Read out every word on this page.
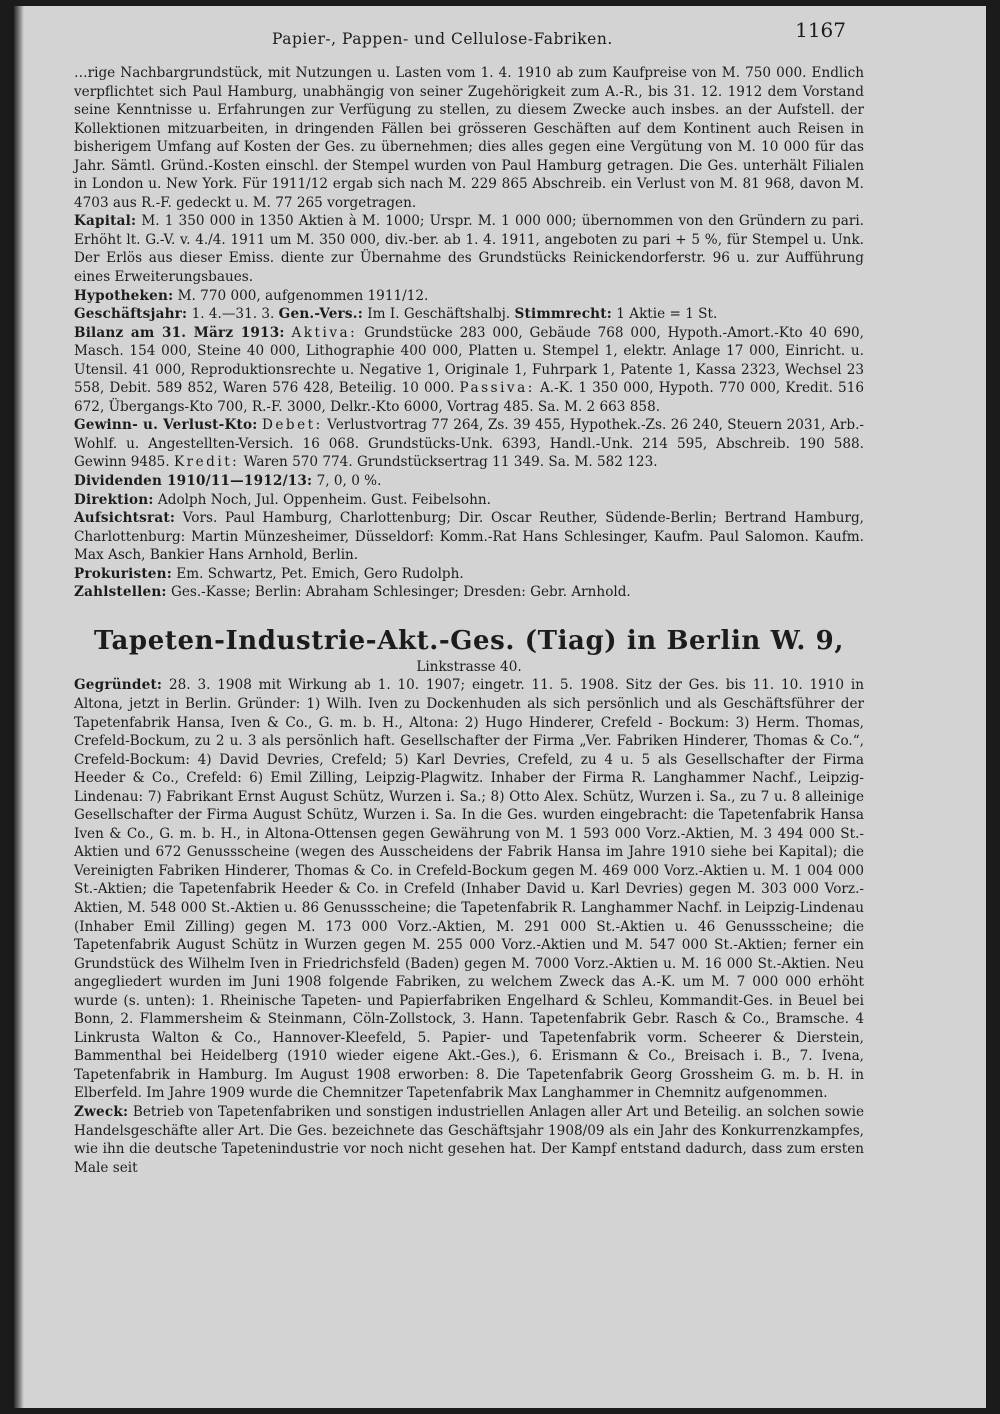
Papier-, Pappen- und Cellulose-Fabriken.	1167

…rige Nachbargrundstück, mit Nutzungen u. Lasten vom 1. 4. 1910 ab zum Kaufpreise von M. 750 000. Endlich verpflichtet sich Paul Hamburg, unabhängig von seiner Zugehörigkeit zum A.-R., bis 31. 12. 1912 dem Vorstand seine Kenntnisse u. Erfahrungen zur Verfügung zu stellen, zu diesem Zwecke auch insbes. an der Aufstell. der Kollektionen mitzuarbeiten, in dringenden Fällen bei grösseren Geschäften auf dem Kontinent auch Reisen in bisherigem Umfang auf Kosten der Ges. zu übernehmen; dies alles gegen eine Vergütung von M. 10 000 für das Jahr. Sämtl. Gründ.-Kosten einschl. der Stempel wurden von Paul Hamburg getragen. Die Ges. unterhält Filialen in London u. New York. Für 1911/12 ergab sich nach M. 229 865 Abschreib. ein Verlust von M. 81 968, davon M. 4703 aus R.-F. gedeckt u. M. 77 265 vorgetragen.

Kapital: M. 1 350 000 in 1350 Aktien à M. 1000; Urspr. M. 1 000 000; übernommen von den Gründern zu pari. Erhöht lt. G.-V. v. 4./4. 1911 um M. 350 000, div.-ber. ab 1. 4. 1911, angeboten zu pari + 5 %, für Stempel u. Unk. Der Erlös aus dieser Emiss. diente zur Übernahme des Grundstücks Reinickendorferstr. 96 u. zur Aufführung eines Erweiterungsbaues.

Hypotheken: M. 770 000, aufgenommen 1911/12.

Geschäftsjahr: 1. 4.—31. 3. Gen.-Vers.: Im I. Geschäftshalbj. Stimmrecht: 1 Aktie = 1 St.

Bilanz am 31. März 1913: Aktiva: Grundstücke 283 000, Gebäude 768 000, Hypoth.-Amort.-Kto 40 690, Masch. 154 000, Steine 40 000, Lithographie 400 000, Platten u. Stempel 1, elektr. Anlage 17 000, Einricht. u. Utensil. 41 000, Reproduktionsrechte u. Negative 1, Originale 1, Fuhrpark 1, Patente 1, Kassa 2323, Wechsel 23 558, Debit. 589 852, Waren 576 428, Beteilig. 10 000. Passiva: A.-K. 1 350 000, Hypoth. 770 000, Kredit. 516 672, Übergangs-Kto 700, R.-F. 3000, Delkr.-Kto 6000, Vortrag 485. Sa. M. 2 663 858.

Gewinn- u. Verlust-Kto: Debet: Verlustvortrag 77 264, Zs. 39 455, Hypothek.-Zs. 26 240, Steuern 2031, Arb.-Wohlf. u. Angestellten-Versich. 16 068. Grundstücks-Unk. 6393, Handl.-Unk. 214 595, Abschreib. 190 588. Gewinn 9485. Kredit: Waren 570 774. Grundstücksertrag 11 349. Sa. M. 582 123.

Dividenden 1910/11—1912/13: 7, 0, 0 %.

Direktion: Adolph Noch, Jul. Oppenheim. Gust. Feibelsohn.

Aufsichtsrat: Vors. Paul Hamburg, Charlottenburg; Dir. Oscar Reuther, Südende-Berlin; Bertrand Hamburg, Charlottenburg: Martin Münzesheimer, Düsseldorf: Komm.-Rat Hans Schlesinger, Kaufm. Paul Salomon. Kaufm. Max Asch, Bankier Hans Arnhold, Berlin.

Prokuristen: Em. Schwartz, Pet. Emich, Gero Rudolph.

Zahlstellen: Ges.-Kasse; Berlin: Abraham Schlesinger; Dresden: Gebr. Arnhold.

Tapeten-Industrie-Akt.-Ges. (Tiag) in Berlin W. 9,

Linkstrasse 40.

Gegründet: 28. 3. 1908 mit Wirkung ab 1. 10. 1907; eingetr. 11. 5. 1908. Sitz der Ges. bis 11. 10. 1910 in Altona, jetzt in Berlin. Gründer: 1) Wilh. Iven zu Dockenhuden als sich persönlich und als Geschäftsführer der Tapetenfabrik Hansa, Iven & Co., G. m. b. H., Altona: 2) Hugo Hinderer, Crefeld - Bockum: 3) Herm. Thomas, Crefeld-Bockum, zu 2 u. 3 als persönlich haft. Gesellschafter der Firma „Ver. Fabriken Hinderer, Thomas & Co.“, Crefeld-Bockum: 4) David Devries, Crefeld; 5) Karl Devries, Crefeld, zu 4 u. 5 als Gesellschafter der Firma Heeder & Co., Crefeld: 6) Emil Zilling, Leipzig-Plagwitz. Inhaber der Firma R. Langhammer Nachf., Leipzig-Lindenau: 7) Fabrikant Ernst August Schütz, Wurzen i. Sa.; 8) Otto Alex. Schütz, Wurzen i. Sa., zu 7 u. 8 alleinige Gesellschafter der Firma August Schütz, Wurzen i. Sa. In die Ges. wurden eingebracht: die Tapetenfabrik Hansa Iven & Co., G. m. b. H., in Altona-Ottensen gegen Gewährung von M. 1 593 000 Vorz.-Aktien, M. 3 494 000 St.-Aktien und 672 Genussscheine (wegen des Ausscheidens der Fabrik Hansa im Jahre 1910 siehe bei Kapital); die Vereinigten Fabriken Hinderer, Thomas & Co. in Crefeld-Bockum gegen M. 469 000 Vorz.-Aktien u. M. 1 004 000 St.-Aktien; die Tapetenfabrik Heeder & Co. in Crefeld (Inhaber David u. Karl Devries) gegen M. 303 000 Vorz.-Aktien, M. 548 000 St.-Aktien u. 86 Genussscheine; die Tapetenfabrik R. Langhammer Nachf. in Leipzig-Lindenau (Inhaber Emil Zilling) gegen M. 173 000 Vorz.-Aktien, M. 291 000 St.-Aktien u. 46 Genussscheine; die Tapetenfabrik August Schütz in Wurzen gegen M. 255 000 Vorz.-Aktien und M. 547 000 St.-Aktien; ferner ein Grundstück des Wilhelm Iven in Friedrichsfeld (Baden) gegen M. 7000 Vorz.-Aktien u. M. 16 000 St.-Aktien. Neu angegliedert wurden im Juni 1908 folgende Fabriken, zu welchem Zweck das A.-K. um M. 7 000 000 erhöht wurde (s. unten): 1. Rheinische Tapeten- und Papierfabriken Engelhard & Schleu, Kommandit-Ges. in Beuel bei Bonn, 2. Flammersheim & Steinmann, Cöln-Zollstock, 3. Hann. Tapetenfabrik Gebr. Rasch & Co., Bramsche. 4 Linkrusta Walton & Co., Hannover-Kleefeld, 5. Papier- und Tapetenfabrik vorm. Scheerer & Dierstein, Bammenthal bei Heidelberg (1910 wieder eigene Akt.-Ges.), 6. Erismann & Co., Breisach i. B., 7. Ivena, Tapetenfabrik in Hamburg. Im August 1908 erworben: 8. Die Tapetenfabrik Georg Grossheim G. m. b. H. in Elberfeld. Im Jahre 1909 wurde die Chemnitzer Tapetenfabrik Max Langhammer in Chemnitz aufgenommen.

Zweck: Betrieb von Tapetenfabriken und sonstigen industriellen Anlagen aller Art und Beteilig. an solchen sowie Handelsgeschäfte aller Art. Die Ges. bezeichnete das Geschäftsjahr 1908/09 als ein Jahr des Konkurrenzkampfes, wie ihn die deutsche Tapetenindustrie vor noch nicht gesehen hat. Der Kampf entstand dadurch, dass zum ersten Male seit
